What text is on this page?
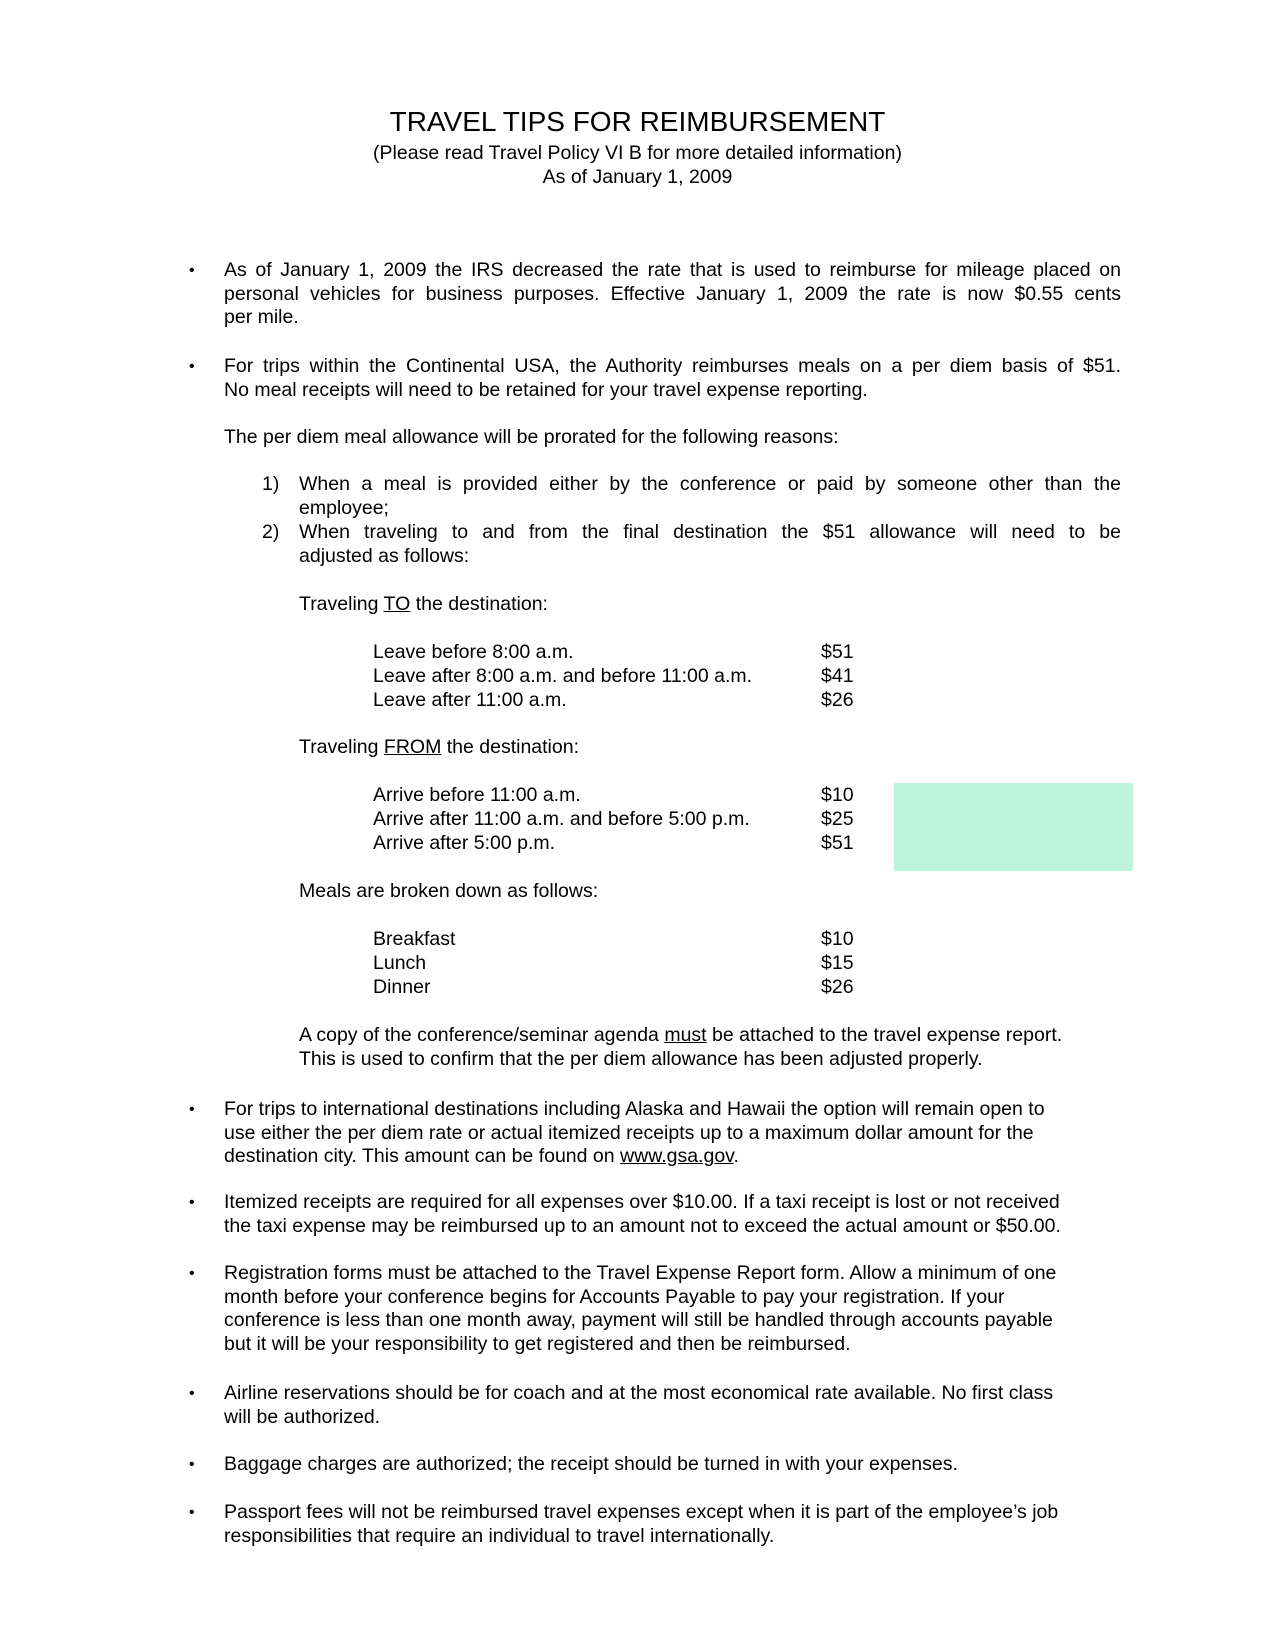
TRAVEL TIPS FOR REIMBURSEMENT
(Please read Travel Policy VI B for more detailed information)
As of January 1, 2009
• As of January 1, 2009 the IRS decreased the rate that is used to reimburse for mileage placed on
personal vehicles for business purposes. Effective January 1, 2009 the rate is now $0.55 cents
per mile.
• For trips within the Continental USA, the Authority reimburses meals on a per diem basis of $51.
No meal receipts will need to be retained for your travel expense reporting.
The per diem meal allowance will be prorated for the following reasons:
1) When a meal is provided either by the conference or paid by someone other than the
employee;
2) When traveling to and from the final destination the $51 allowance will need to be
adjusted as follows:
Traveling TO the destination:
Leave before 8:00 a.m.	$51
Leave after 8:00 a.m. and before 11:00 a.m.	$41
Leave after 11:00 a.m.	$26
Traveling FROM the destination:
Arrive before 11:00 a.m.	$10
Arrive after 11:00 a.m. and before 5:00 p.m.	$25
Arrive after 5:00 p.m.	$51
Meals are broken down as follows:
Breakfast	$10
Lunch	$15
Dinner	$26
A copy of the conference/seminar agenda must be attached to the travel expense report.
This is used to confirm that the per diem allowance has been adjusted properly.
• For trips to international destinations including Alaska and Hawaii the option will remain open to
use either the per diem rate or actual itemized receipts up to a maximum dollar amount for the
destination city. This amount can be found on www.gsa.gov.
• Itemized receipts are required for all expenses over $10.00. If a taxi receipt is lost or not received
the taxi expense may be reimbursed up to an amount not to exceed the actual amount or $50.00.
• Registration forms must be attached to the Travel Expense Report form. Allow a minimum of one
month before your conference begins for Accounts Payable to pay your registration. If your
conference is less than one month away, payment will still be handled through accounts payable
but it will be your responsibility to get registered and then be reimbursed.
• Airline reservations should be for coach and at the most economical rate available. No first class
will be authorized.
• Baggage charges are authorized; the receipt should be turned in with your expenses.
• Passport fees will not be reimbursed travel expenses except when it is part of the employee’s job
responsibilities that require an individual to travel internationally.
